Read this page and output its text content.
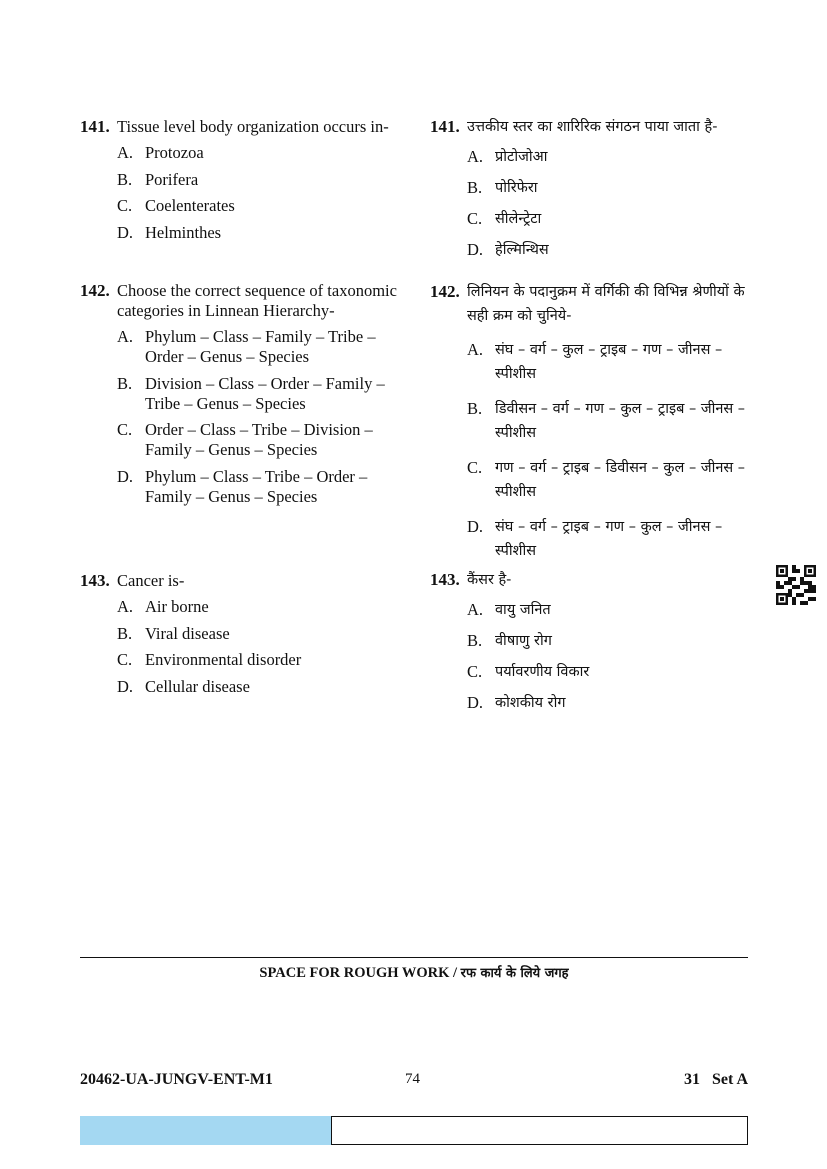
141. Tissue level body organization occurs in-
A. Protozoa
B. Porifera
C. Coelenterates
D. Helminthes
142. Choose the correct sequence of taxonomic categories in Linnean Hierarchy-
A. Phylum – Class – Family – Tribe – Order – Genus – Species
B. Division – Class – Order – Family – Tribe – Genus – Species
C. Order – Class – Tribe – Division – Family – Genus – Species
D. Phylum – Class – Tribe – Order – Family – Genus – Species
143. Cancer is-
A. Air borne
B. Viral disease
C. Environmental disorder
D. Cellular disease
141. उत्तकीय स्तर का शारिरिक संगठन पाया जाता है-
A. प्रोटोजोआ
B. पोरिफेरा
C. सीलेन्ट्रेटा
D. हेल्मिन्थिस
142. लिनियन के पदानुक्रम में वर्गिकी की विभिन्न श्रेणीयों के सही क्रम को चुनिये-
A. संघ – वर्ग – कुल – ट्राइब – गण – जीनस – स्पीशीस
B. डिवीसन – वर्ग – गण – कुल – ट्राइब – जीनस – स्पीशीस
C. गण – वर्ग – ट्राइब – डिवीसन – कुल – जीनस – स्पीशीस
D. संघ – वर्ग – ट्राइब – गण – कुल – जीनस – स्पीशीस
143. कैंसर है-
A. वायु जनित
B. वीषाणु रोग
C. पर्यावरणीय विकार
D. कोशकीय रोग
SPACE FOR ROUGH WORK / रफ कार्य के लिये जगह
20462-UA-JUNGV-ENT-M1	74	31   Set A
